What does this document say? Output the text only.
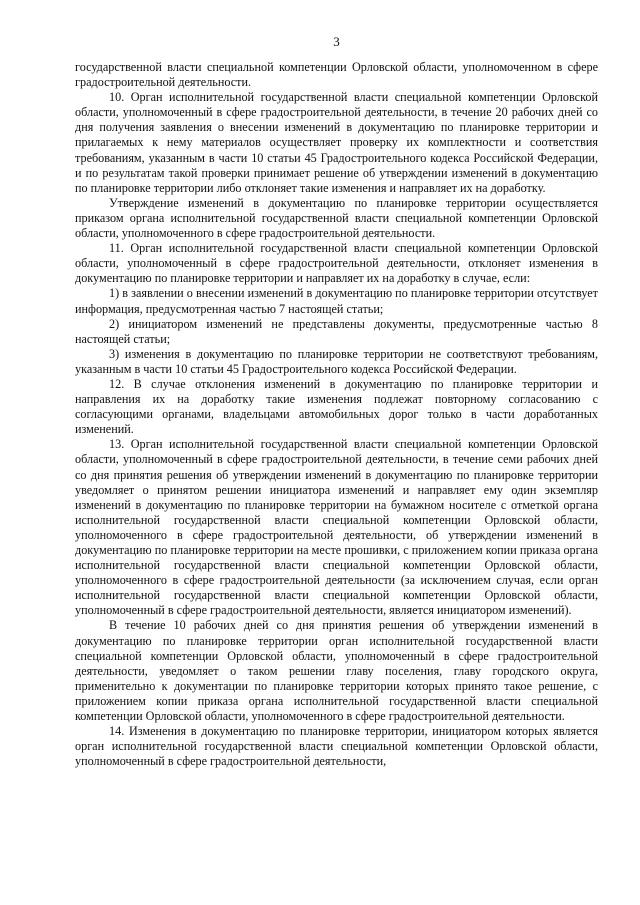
3

государственной власти специальной компетенции Орловской области, уполномоченном в сфере градостроительной деятельности.

10. Орган исполнительной государственной власти специальной компетенции Орловской области, уполномоченный в сфере градостроительной деятельности, в течение 20 рабочих дней со дня получения заявления о внесении изменений в документацию по планировке территории и прилагаемых к нему материалов осуществляет проверку их комплектности и соответствия требованиям, указанным в части 10 статьи 45 Градостроительного кодекса Российской Федерации, и по результатам такой проверки принимает решение об утверждении изменений в документацию по планировке территории либо отклоняет такие изменения и направляет их на доработку.

Утверждение изменений в документацию по планировке территории осуществляется приказом органа исполнительной государственной власти специальной компетенции Орловской области, уполномоченного в сфере градостроительной деятельности.

11. Орган исполнительной государственной власти специальной компетенции Орловской области, уполномоченный в сфере градостроительной деятельности, отклоняет изменения в документацию по планировке территории и направляет их на доработку в случае, если:

1) в заявлении о внесении изменений в документацию по планировке территории отсутствует информация, предусмотренная частью 7 настоящей статьи;

2) инициатором изменений не представлены документы, предусмотренные частью 8 настоящей статьи;

3) изменения в документацию по планировке территории не соответствуют требованиям, указанным в части 10 статьи 45 Градостроительного кодекса Российской Федерации.

12. В случае отклонения изменений в документацию по планировке территории и направления их на доработку такие изменения подлежат повторному согласованию с согласующими органами, владельцами автомобильных дорог только в части доработанных изменений.

13. Орган исполнительной государственной власти специальной компетенции Орловской области, уполномоченный в сфере градостроительной деятельности, в течение семи рабочих дней со дня принятия решения об утверждении изменений в документацию по планировке территории уведомляет о принятом решении инициатора изменений и направляет ему один экземпляр изменений в документацию по планировке территории на бумажном носителе с отметкой органа исполнительной государственной власти специальной компетенции Орловской области, уполномоченного в сфере градостроительной деятельности, об утверждении изменений в документацию по планировке территории на месте прошивки, с приложением копии приказа органа исполнительной государственной власти специальной компетенции Орловской области, уполномоченного в сфере градостроительной деятельности (за исключением случая, если орган исполнительной государственной власти специальной компетенции Орловской области, уполномоченный в сфере градостроительной деятельности, является инициатором изменений).

В течение 10 рабочих дней со дня принятия решения об утверждении изменений в документацию по планировке территории орган исполнительной государственной власти специальной компетенции Орловской области, уполномоченный в сфере градостроительной деятельности, уведомляет о таком решении главу поселения, главу городского округа, применительно к документации по планировке территории которых принято такое решение, с приложением копии приказа органа исполнительной государственной власти специальной компетенции Орловской области, уполномоченного в сфере градостроительной деятельности.

14. Изменения в документацию по планировке территории, инициатором которых является орган исполнительной государственной власти специальной компетенции Орловской области, уполномоченный в сфере градостроительной деятельности,
